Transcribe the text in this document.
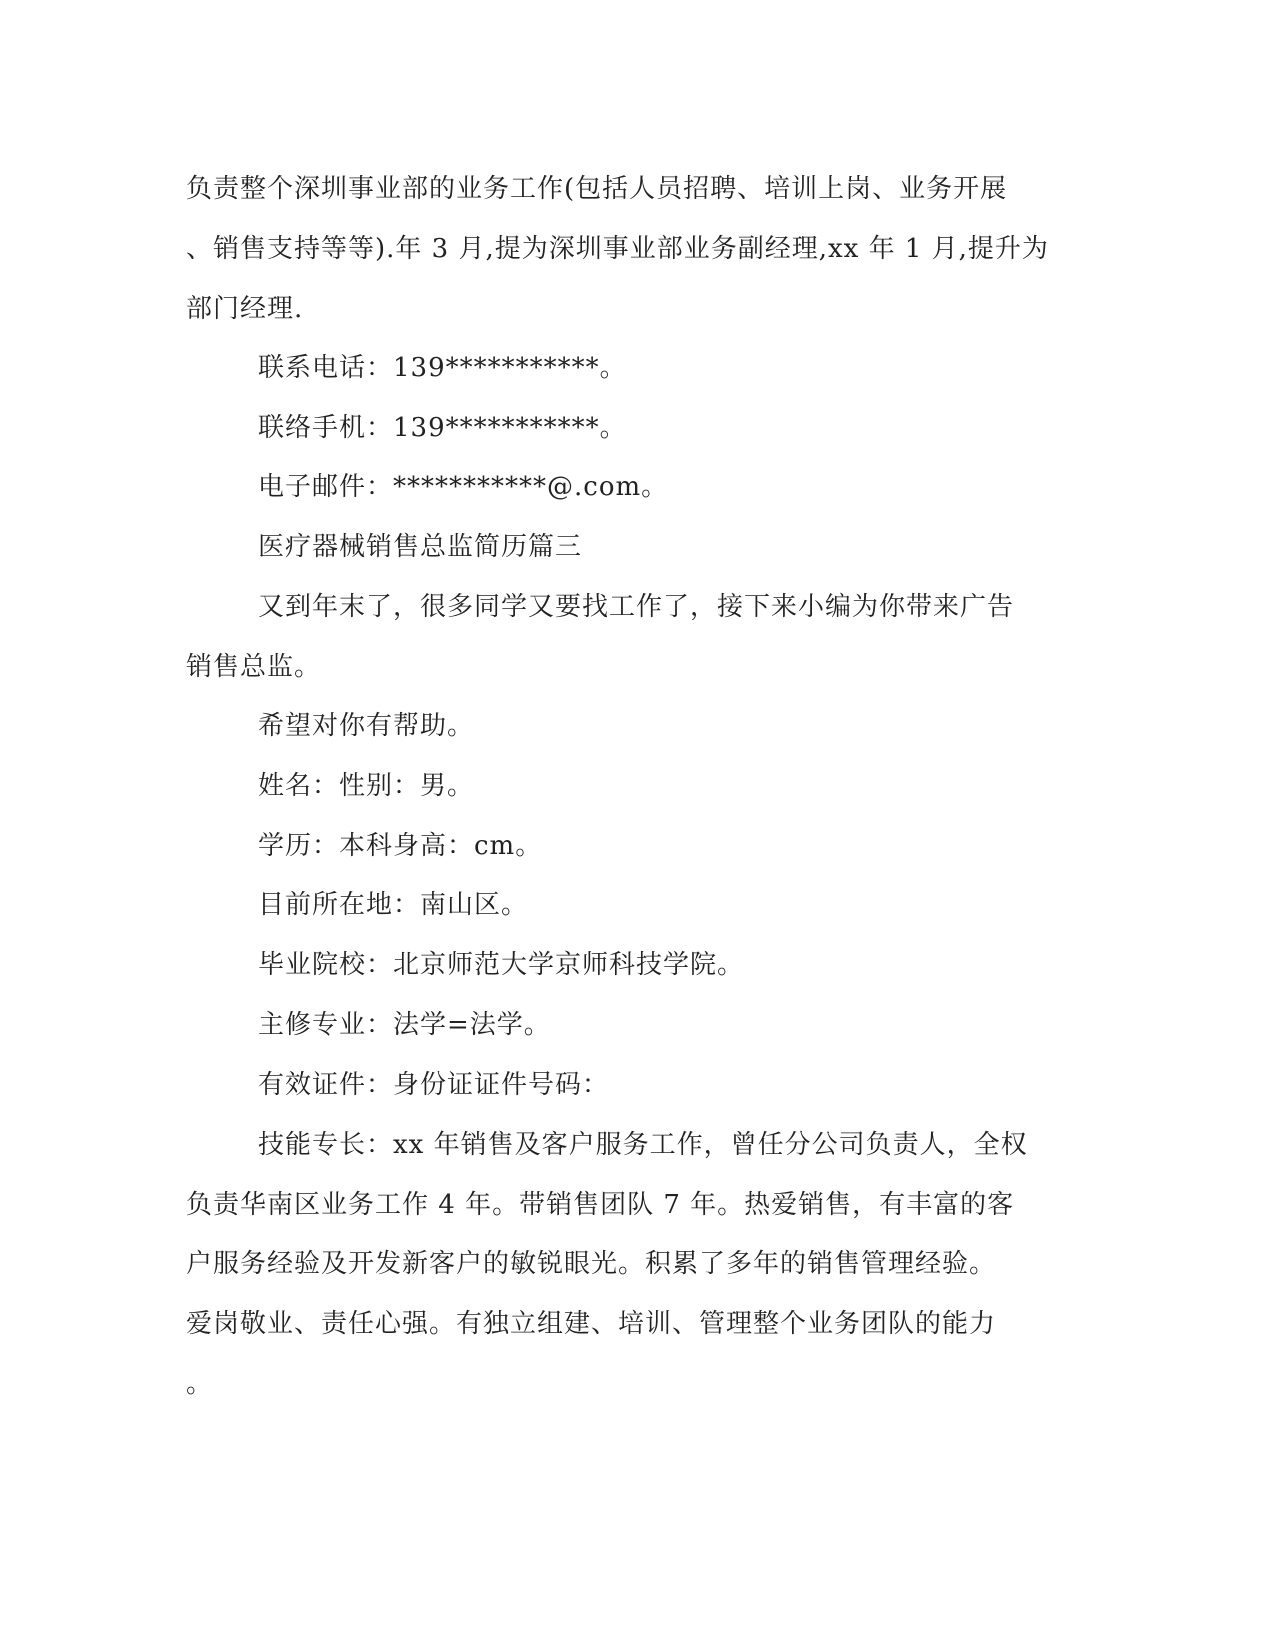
负责整个深圳事业部的业务工作(包括人员招聘、培训上岗、业务开展
、销售支持等等).年 3 月,提为深圳事业部业务副经理,xx 年 1 月,提升为
部门经理.
联系电话：139***********。
联络手机：139***********。
电子邮件：***********@.com。
医疗器械销售总监简历篇三
又到年末了，很多同学又要找工作了，接下来小编为你带来广告
销售总监。
希望对你有帮助。
姓名：性别：男。
学历：本科身高：cm。
目前所在地：南山区。
毕业院校：北京师范大学京师科技学院。
主修专业：法学=法学。
有效证件：身份证证件号码：
技能专长：xx 年销售及客户服务工作，曾任分公司负责人，全权
负责华南区业务工作 4 年。带销售团队 7 年。热爱销售，有丰富的客
户服务经验及开发新客户的敏锐眼光。积累了多年的销售管理经验。
爱岗敬业、责任心强。有独立组建、培训、管理整个业务团队的能力
。
